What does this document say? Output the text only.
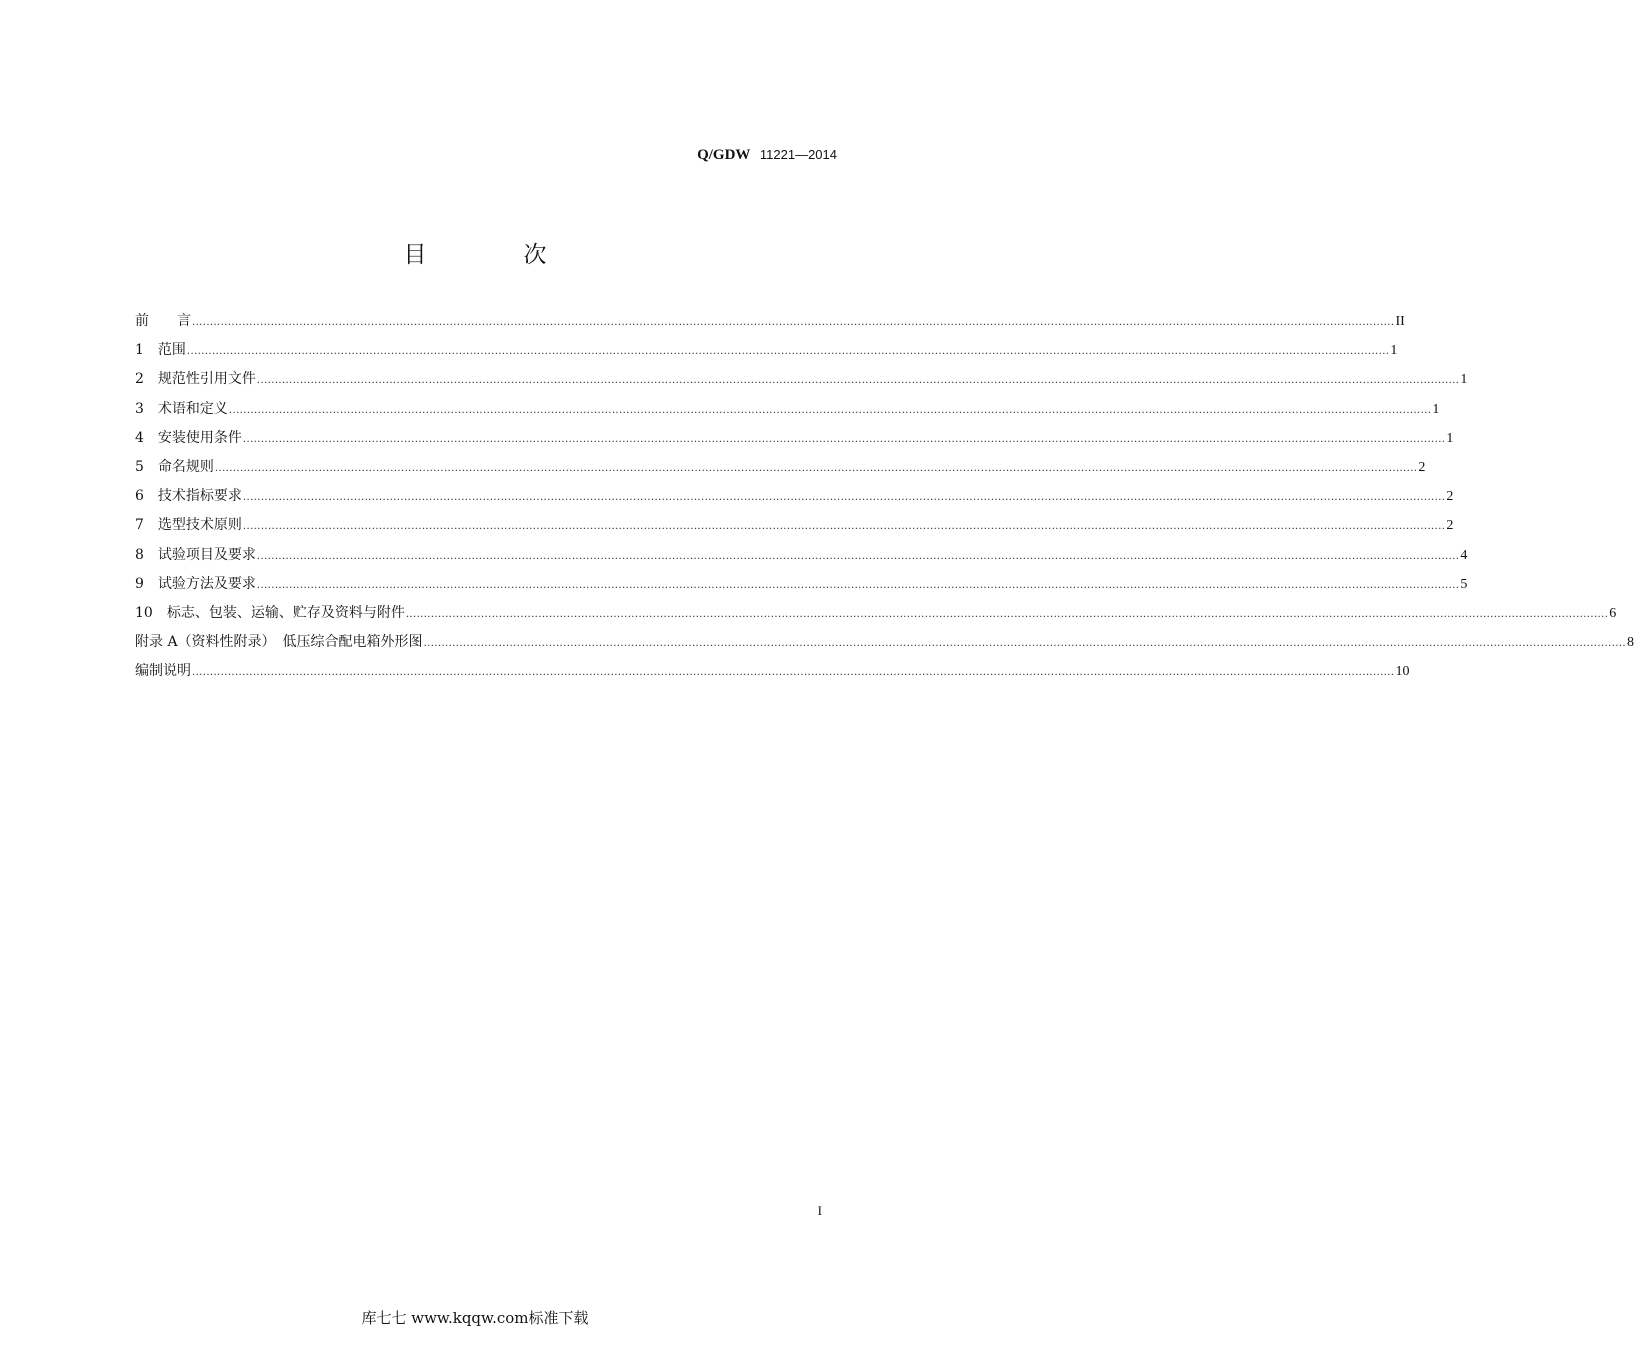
Q/GDW 11221—2014
目	次
前　　言 ................................................................................................................................................................................................................................................................................................................................................ II
1　范围 ................................................................................................................................................................................................................................................................................................................................................ 1
2　规范性引用文件 ................................................................................................................................................................................................................................................................................................................................................ 1
3　术语和定义 ................................................................................................................................................................................................................................................................................................................................................ 1
4　安装使用条件 ................................................................................................................................................................................................................................................................................................................................................ 1
5　命名规则 ................................................................................................................................................................................................................................................................................................................................................ 2
6　技术指标要求 ................................................................................................................................................................................................................................................................................................................................................ 2
7　选型技术原则 ................................................................................................................................................................................................................................................................................................................................................ 2
8　试验项目及要求 ................................................................................................................................................................................................................................................................................................................................................ 4
9　试验方法及要求 ................................................................................................................................................................................................................................................................................................................................................ 5
10　标志、包装、运输、贮存及资料与附件 ................................................................................................................................................................................................................................................................................................................................................ 6
附录 A（资料性附录）　低压综合配电箱外形图 ................................................................................................................................................................................................................................................................................................................................................ 8
编制说明 ................................................................................................................................................................................................................................................................................................................................................ 10
I
库七七 www.kqqw.com标准下载
